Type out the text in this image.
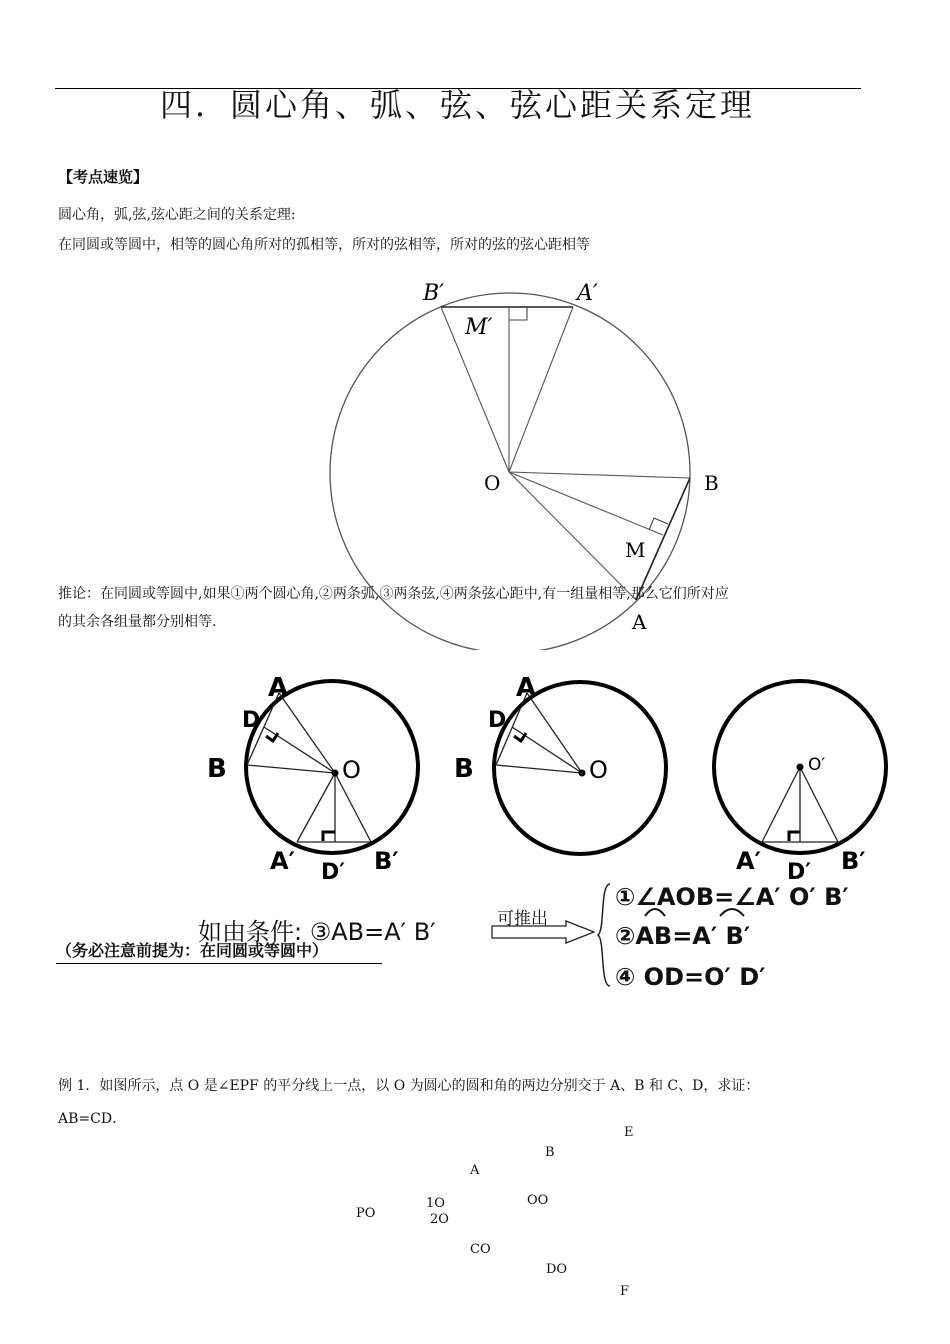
四．圆心角、弧、弦、弦心距关系定理
【考点速览】
圆心角，弧,弦,弦心距之间的关系定理:
在同圆或等圆中，相等的圆心角所对的孤相等，所对的弦相等，所对的弦的弦心距相等
B′	A′
M′
O	B
M
A
推论：在同圆或等圆中,如果①两个圆心角,②两条弧,③两条弦,④两条弦心距中,有一组量相等,那么它们所对应
的其余各组量都分别相等.
A
D
B	O
A′ D′ B′
A
D
B	O	O′
A′ D′ B′
如由条件: ③AB=A′ B′	可推出
①∠AOB=∠A′ O′ B′
②AB=A′ B′
④ OD=O′ D′
（务必注意前提为：在同圆或等圆中）
例 1．如图所示，点 O 是∠EPF 的平分线上一点，以 O 为圆心的圆和角的两边分别交于 A、B 和 C、D，求证：
AB=CD．
E
B
A
OO
PO
1O
2O
CO
DO
F
